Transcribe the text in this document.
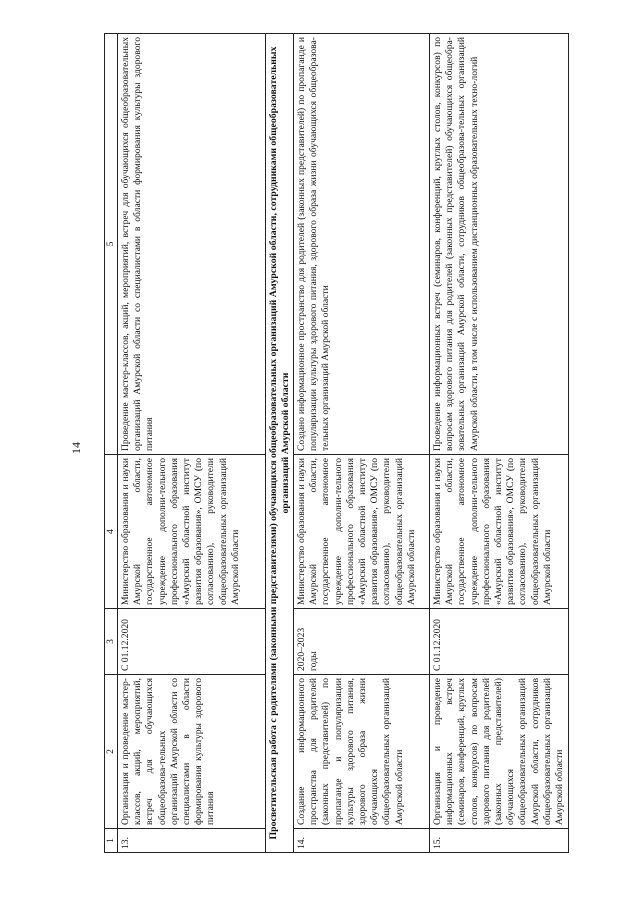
14
1
2
3
4
5
13.
Организация и проведение мастер-классов, акций, мероприятий, встреч для обучающихся общеобразова-тельных организаций Амурской области со специалистами в области формирования культуры здорового питания
С 01.12.2020
Министерство образования и науки Амурской области, государственное автономное учреждение дополни-тельного профессионального образования «Амурский областной институт развития образования», ОМСУ (по согласованию), руководители общеобразовательных организаций Амурской области
Проведение мастер-классов, акций, мероприятий, встреч для обучающихся общеобразовательных организаций Амурской области со специалистами в области формирования культуры здорового питания	Просветительская работа с родителями (законными представителями) обучающихся общеобразовательных организаций Амурской области, сотрудниками общеобразовательных организаций Амурской области
14.
Создание информационного пространства для родителей (законных представителей) по пропаганде и популяризации культуры здорового питания, здорового образа жизни обучающихся общеобразовательных организаций Амурской области
2020–2023 годы
Министерство образования и науки Амурской области, государственное автономное учреждение дополни-тельного профессионального образования «Амурский областной институт развития образования», ОМСУ (по согласованию), руководители общеобразовательных организаций Амурской области
Создано информационное пространство для родителей (законных представителей) по пропаганде и популяризации культуры здорового питания, здорового образа жизни обучающихся общеобразова-тельных организаций Амурской области
15.
Организация и проведение информационных встреч (семинаров, конференций, круглых столов, конкурсов) по вопросам здорового питания для родителей (законных представителей) обучающихся общеобразовательных организаций Амурской области, сотрудников общеобразовательных организаций Амурской области
С 01.12.2020
Министерство образования и науки Амурской области, государственное автономное учреждение дополни-тельного профессионального образования «Амурский областной институт развития образования», ОМСУ (по согласованию), руководители общеобразовательных организаций Амурской области
Проведение информационных встреч (семинаров, конференций, круглых столов, конкурсов) по вопросам здорового питания для родителей (законных представителей) обучающихся общеобра-зовательных организаций Амурской области, сотрудников общеобразова-тельных организаций Амурской области, в том числе с использованием дистанционных образовательных техно-логий
